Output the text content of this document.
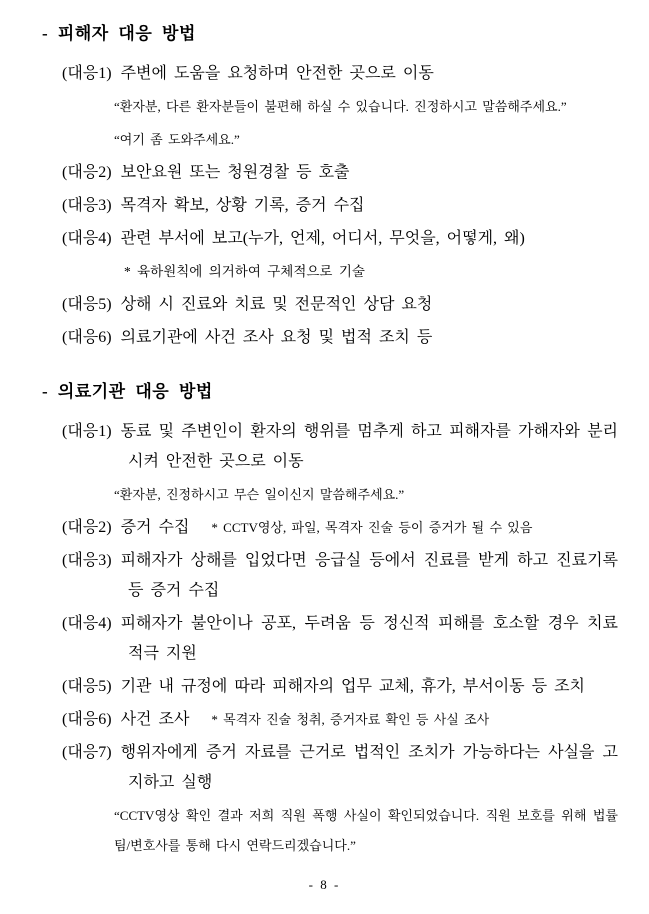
- 피해자 대응 방법
(대응1) 주변에 도움을 요청하며 안전한 곳으로 이동
“환자분, 다른 환자분들이 불편해 하실 수 있습니다. 진정하시고 말씀해주세요.”
“여기 좀 도와주세요.”
(대응2) 보안요원 또는 청원경찰 등 호출
(대응3) 목격자 확보, 상황 기록, 증거 수집
(대응4) 관련 부서에 보고(누가, 언제, 어디서, 무엇을, 어떻게, 왜)
* 육하원칙에 의거하여 구체적으로 기술
(대응5) 상해 시 진료와 치료 및 전문적인 상담 요청
(대응6) 의료기관에 사건 조사 요청 및 법적 조치 등
- 의료기관 대응 방법
(대응1) 동료 및 주변인이 환자의 행위를 멈추게 하고 피해자를 가해자와 분리시켜 안전한 곳으로 이동
“환자분, 진정하시고 무슨 일이신지 말씀해주세요.”
(대응2) 증거 수집 * CCTV영상, 파일, 목격자 진술 등이 증거가 될 수 있음
(대응3) 피해자가 상해를 입었다면 응급실 등에서 진료를 받게 하고 진료기록 등 증거 수집
(대응4) 피해자가 불안이나 공포, 두려움 등 정신적 피해를 호소할 경우 치료 적극 지원
(대응5) 기관 내 규정에 따라 피해자의 업무 교체, 휴가, 부서이동 등 조치
(대응6) 사건 조사 * 목격자 진술 청취, 증거자료 확인 등 사실 조사
(대응7) 행위자에게 증거 자료를 근거로 법적인 조치가 가능하다는 사실을 고지하고 실행
“CCTV영상 확인 결과 저희 직원 폭행 사실이 확인되었습니다. 직원 보호를 위해 법률팀/변호사를 통해 다시 연락드리겠습니다.”
- 8 -
